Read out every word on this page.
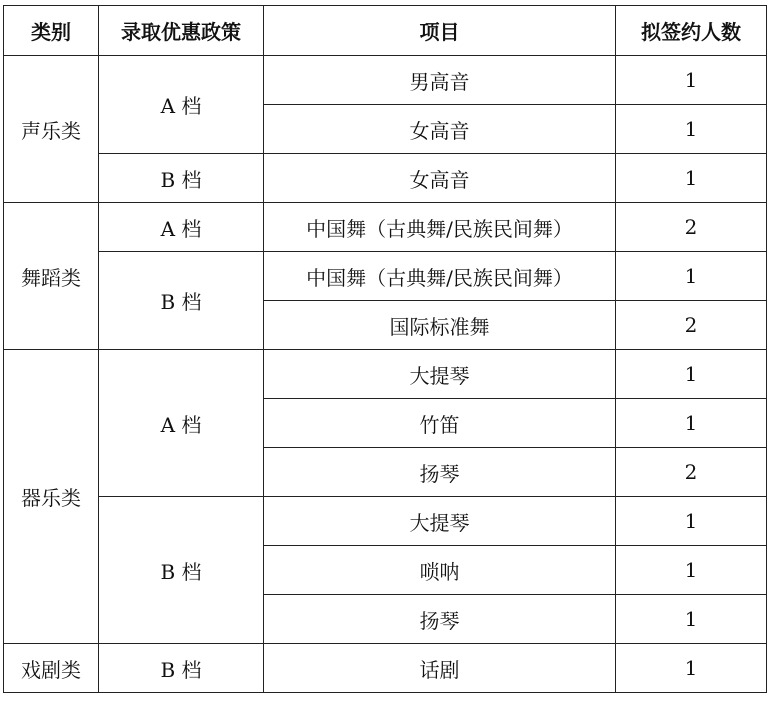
类别	录取优惠政策	项目	拟签约人数
声乐类	A 档	男高音	1
		女高音	1
	B 档	女高音	1
舞蹈类	A 档	中国舞（古典舞/民族民间舞）	2
	B 档	中国舞（古典舞/民族民间舞）	1
		国际标准舞	2
器乐类	A 档	大提琴	1
		竹笛	1
		扬琴	2
	B 档	大提琴	1
		唢呐	1
		扬琴	1
戏剧类	B 档	话剧	1
